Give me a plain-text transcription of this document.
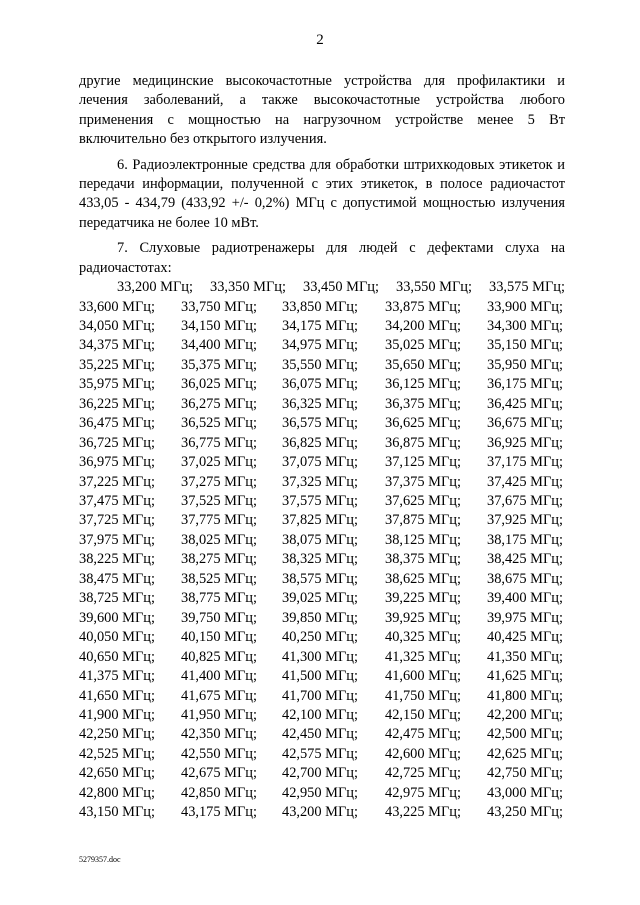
2

другие медицинские высокочастотные устройства для профилактики и лечения заболеваний, а также высокочастотные устройства любого применения с мощностью на нагрузочном устройстве менее 5 Вт включительно без открытого излучения.

6. Радиоэлектронные средства для обработки штрихкодовых этикеток и передачи информации, полученной с этих этикеток, в полосе радиочастот 433,05 - 434,79 (433,92 +/- 0,2%) МГц с допустимой мощностью излучения передатчика не более 10 мВт.

7. Слуховые радиотренажеры для людей с дефектами слуха на радиочастотах:

33,200 МГц; 33,350 МГц; 33,450 МГц; 33,550 МГц; 33,575 МГц;
33,600 МГц;	33,750 МГц;	33,850 МГц;	33,875 МГц;	33,900 МГц;
34,050 МГц;	34,150 МГц;	34,175 МГц;	34,200 МГц;	34,300 МГц;
34,375 МГц;	34,400 МГц;	34,975 МГц;	35,025 МГц;	35,150 МГц;
35,225 МГц;	35,375 МГц;	35,550 МГц;	35,650 МГц;	35,950 МГц;
35,975 МГц;	36,025 МГц;	36,075 МГц;	36,125 МГц;	36,175 МГц;
36,225 МГц;	36,275 МГц;	36,325 МГц;	36,375 МГц;	36,425 МГц;
36,475 МГц;	36,525 МГц;	36,575 МГц;	36,625 МГц;	36,675 МГц;
36,725 МГц;	36,775 МГц;	36,825 МГц;	36,875 МГц;	36,925 МГц;
36,975 МГц;	37,025 МГц;	37,075 МГц;	37,125 МГц;	37,175 МГц;
37,225 МГц;	37,275 МГц;	37,325 МГц;	37,375 МГц;	37,425 МГц;
37,475 МГц;	37,525 МГц;	37,575 МГц;	37,625 МГц;	37,675 МГц;
37,725 МГц;	37,775 МГц;	37,825 МГц;	37,875 МГц;	37,925 МГц;
37,975 МГц;	38,025 МГц;	38,075 МГц;	38,125 МГц;	38,175 МГц;
38,225 МГц;	38,275 МГц;	38,325 МГц;	38,375 МГц;	38,425 МГц;
38,475 МГц;	38,525 МГц;	38,575 МГц;	38,625 МГц;	38,675 МГц;
38,725 МГц;	38,775 МГц;	39,025 МГц;	39,225 МГц;	39,400 МГц;
39,600 МГц;	39,750 МГц;	39,850 МГц;	39,925 МГц;	39,975 МГц;
40,050 МГц;	40,150 МГц;	40,250 МГц;	40,325 МГц;	40,425 МГц;
40,650 МГц;	40,825 МГц;	41,300 МГц;	41,325 МГц;	41,350 МГц;
41,375 МГц;	41,400 МГц;	41,500 МГц;	41,600 МГц;	41,625 МГц;
41,650 МГц;	41,675 МГц;	41,700 МГц;	41,750 МГц;	41,800 МГц;
41,900 МГц;	41,950 МГц;	42,100 МГц;	42,150 МГц;	42,200 МГц;
42,250 МГц;	42,350 МГц;	42,450 МГц;	42,475 МГц;	42,500 МГц;
42,525 МГц;	42,550 МГц;	42,575 МГц;	42,600 МГц;	42,625 МГц;
42,650 МГц;	42,675 МГц;	42,700 МГц;	42,725 МГц;	42,750 МГц;
42,800 МГц;	42,850 МГц;	42,950 МГц;	42,975 МГц;	43,000 МГц;
43,150 МГц;	43,175 МГц;	43,200 МГц;	43,225 МГц;	43,250 МГц;
5279357.doc
